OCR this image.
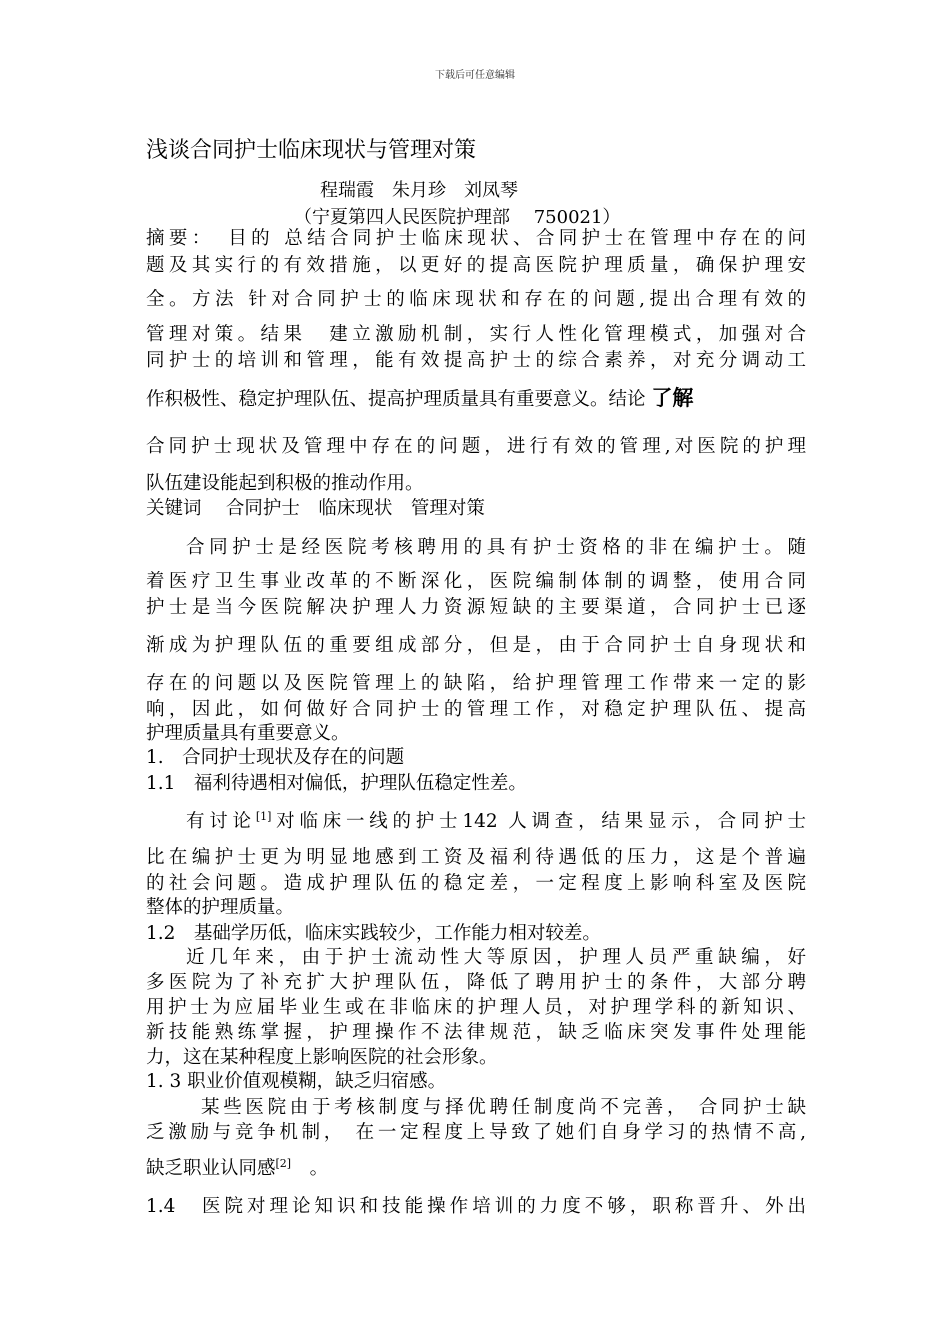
下载后可任意编辑
浅谈合同护士临床现状与管理对策
程瑞霞　朱月珍　刘凤琴
（宁夏第四人民医院护理部　 750021）
摘要：　目的 总结合同护士临床现状、合同护士在管理中存在的问
题及其实行的有效措施，以更好的提高医院护理质量，确保护理安
全。方法 针对合同护士的临床现状和存在的问题,提出合理有效的
管理对策。结果　建立激励机制，实行人性化管理模式，加强对合
同护士的培训和管理，能有效提高护士的综合素养，对充分调动工
作积极性、稳定护理队伍、提高护理质量具有重要意义。结论 了解
合同护士现状及管理中存在的问题，进行有效的管理,对医院的护理
队伍建设能起到积极的推动作用。
关键词　 合同护士　临床现状　管理对策
合同护士是经医院考核聘用的具有护士资格的非在编护士。随
着医疗卫生事业改革的不断深化，医院编制体制的调整，使用合同
护士是当今医院解决护理人力资源短缺的主要渠道，合同护士已逐
渐成为护理队伍的重要组成部分，但是，由于合同护士自身现状和
存在的问题以及医院管理上的缺陷，给护理管理工作带来一定的影
响，因此，如何做好合同护士的管理工作，对稳定护理队伍、提高
护理质量具有重要意义。
1.　合同护士现状及存在的问题
1.1　福利待遇相对偏低，护理队伍稳定性差。
有讨论[1]对临床一线的护士142 人调查，结果显示，合同护士
比在编护士更为明显地感到工资及福利待遇低的压力，这是个普遍
的社会问题。造成护理队伍的稳定差，一定程度上影响科室及医院
整体的护理质量。
1.2　基础学历低，临床实践较少，工作能力相对较差。
近几年来，由于护士流动性大等原因，护理人员严重缺编，好
多医院为了补充扩大护理队伍，降低了聘用护士的条件，大部分聘
用护士为应届毕业生或在非临床的护理人员，对护理学科的新知识、
新技能熟练掌握，护理操作不法律规范，缺乏临床突发事件处理能
力，这在某种程度上影响医院的社会形象。
1. 3 职业价值观模糊，缺乏归宿感。
某些医院由于考核制度与择优聘任制度尚不完善， 合同护士缺
乏激励与竞争机制， 在一定程度上导致了她们自身学习的热情不高,
缺乏职业认同感[2]　。
1.4　医院对理论知识和技能操作培训的力度不够，职称晋升、外出
